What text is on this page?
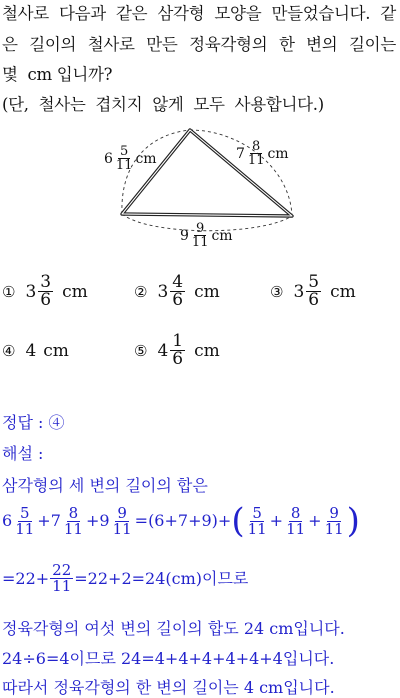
철사로 다음과 같은 삼각형 모양을 만들었습니다. 같
은 길이의 철사로 만든 정육각형의 한 변의 길이는
몇  cm 입니까?
(단,  철사는  겹치지  않게  모두  사용합니다.)
$6 \frac{5}{11}$ cm	$7 \frac{8}{11}$ cm
$9 \frac{9}{11}$ cm
① $3 \frac{3}{6}$ cm	② $3 \frac{4}{6}$ cm	③ $3 \frac{5}{6}$ cm
④ 4 cm	⑤ $4 \frac{1}{6}$ cm
정답 : ④
해설 :
삼각형의 세 변의 길이의 합은
$6 \frac{5}{11} + 7 \frac{8}{11} + 9 \frac{9}{11} =(6+7+9)+$ ( $\frac{5}{11} + \frac{8}{11} + \frac{9}{11}$ )
$=22+ \frac{22}{11} =22+2=24(cm)$이므로
정육각형의 여섯 변의 길이의 합도 24 cm입니다.
24÷6=4이므로 24=4+4+4+4+4+4입니다.
따라서 정육각형의 한 변의 길이는 4 cm입니다.
